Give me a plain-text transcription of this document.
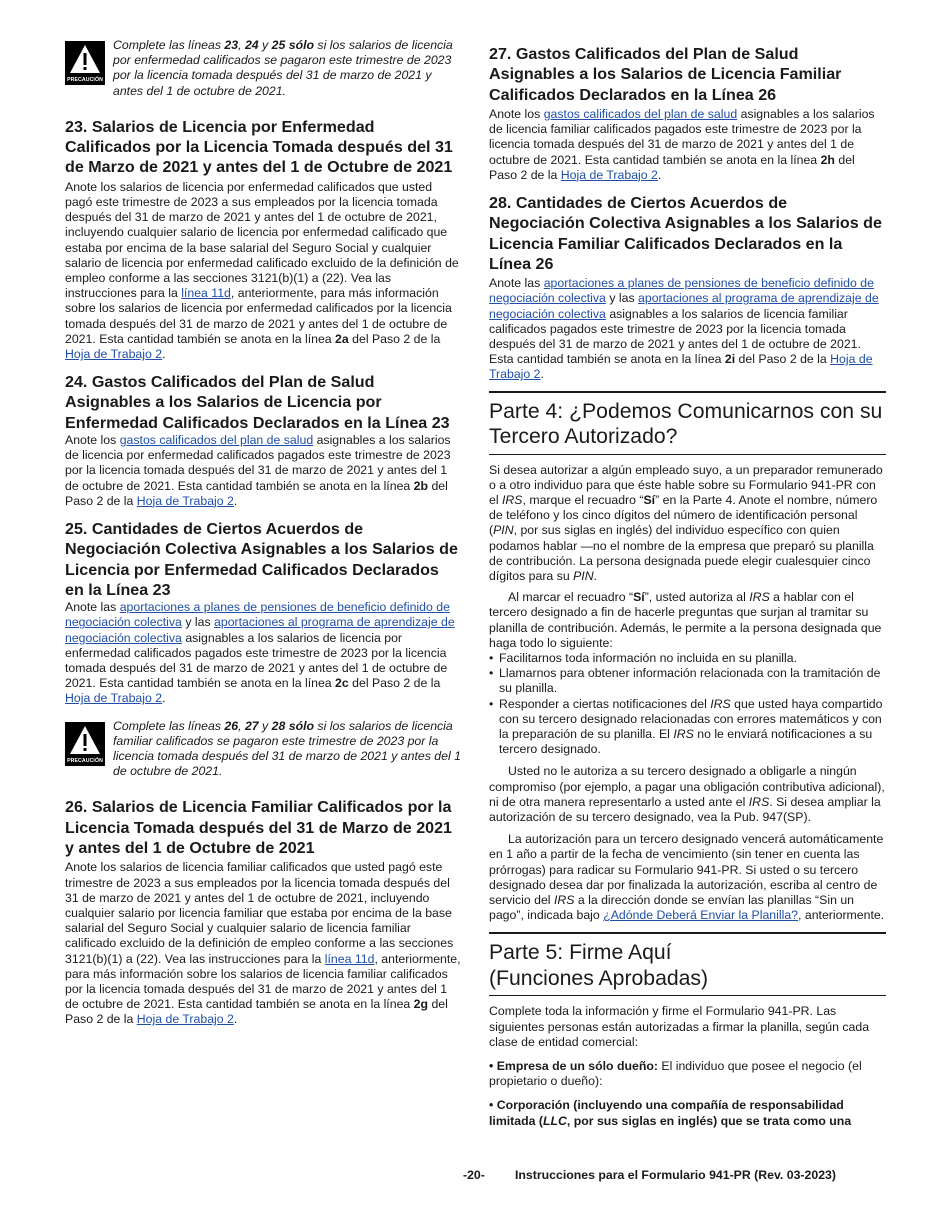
PRECAUCIÓN

Complete las líneas 23, 24 y 25 sólo si los salarios de licencia por enfermedad calificados se pagaron este trimestre de 2023 por la licencia tomada después del 31 de marzo de 2021 y antes del 1 de octubre de 2021.

23. Salarios de Licencia por Enfermedad Calificados por la Licencia Tomada después del 31 de Marzo de 2021 y antes del 1 de Octubre de 2021

Anote los salarios de licencia por enfermedad calificados que usted pagó este trimestre de 2023 a sus empleados por la licencia tomada después del 31 de marzo de 2021 y antes del 1 de octubre de 2021, incluyendo cualquier salario de licencia por enfermedad calificado que estaba por encima de la base salarial del Seguro Social y cualquier salario de licencia por enfermedad calificado excluido de la definición de empleo conforme a las secciones 3121(b)(1) a (22). Vea las instrucciones para la línea 11d, anteriormente, para más información sobre los salarios de licencia por enfermedad calificados por la licencia tomada después del 31 de marzo de 2021 y antes del 1 de octubre de 2021. Esta cantidad también se anota en la línea 2a del Paso 2 de la Hoja de Trabajo 2.

24. Gastos Calificados del Plan de Salud Asignables a los Salarios de Licencia por Enfermedad Calificados Declarados en la Línea 23

Anote los gastos calificados del plan de salud asignables a los salarios de licencia por enfermedad calificados pagados este trimestre de 2023 por la licencia tomada después del 31 de marzo de 2021 y antes del 1 de octubre de 2021. Esta cantidad también se anota en la línea 2b del Paso 2 de la Hoja de Trabajo 2.

25. Cantidades de Ciertos Acuerdos de Negociación Colectiva Asignables a los Salarios de Licencia por Enfermedad Calificados Declarados en la Línea 23

Anote las aportaciones a planes de pensiones de beneficio definido de negociación colectiva y las aportaciones al programa de aprendizaje de negociación colectiva asignables a los salarios de licencia por enfermedad calificados pagados este trimestre de 2023 por la licencia tomada después del 31 de marzo de 2021 y antes del 1 de octubre de 2021. Esta cantidad también se anota en la línea 2c del Paso 2 de la Hoja de Trabajo 2.

PRECAUCIÓN

Complete las líneas 26, 27 y 28 sólo si los salarios de licencia familiar calificados se pagaron este trimestre de 2023 por la licencia tomada después del 31 de marzo de 2021 y antes del 1 de octubre de 2021.

26. Salarios de Licencia Familiar Calificados por la Licencia Tomada después del 31 de Marzo de 2021 y antes del 1 de Octubre de 2021

Anote los salarios de licencia familiar calificados que usted pagó este trimestre de 2023 a sus empleados por la licencia tomada después del 31 de marzo de 2021 y antes del 1 de octubre de 2021, incluyendo cualquier salario por licencia familiar que estaba por encima de la base salarial del Seguro Social y cualquier salario de licencia familiar calificado excluido de la definición de empleo conforme a las secciones 3121(b)(1) a (22). Vea las instrucciones para la línea 11d, anteriormente, para más información sobre los salarios de licencia familiar calificados por la licencia tomada después del 31 de marzo de 2021 y antes del 1 de octubre de 2021. Esta cantidad también se anota en la línea 2g del Paso 2 de la Hoja de Trabajo 2.

27. Gastos Calificados del Plan de Salud Asignables a los Salarios de Licencia Familiar Calificados Declarados en la Línea 26

Anote los gastos calificados del plan de salud asignables a los salarios de licencia familiar calificados pagados este trimestre de 2023 por la licencia tomada después del 31 de marzo de 2021 y antes del 1 de octubre de 2021. Esta cantidad también se anota en la línea 2h del Paso 2 de la Hoja de Trabajo 2.

28. Cantidades de Ciertos Acuerdos de Negociación Colectiva Asignables a los Salarios de Licencia Familiar Calificados Declarados en la Línea 26

Anote las aportaciones a planes de pensiones de beneficio definido de negociación colectiva y las aportaciones al programa de aprendizaje de negociación colectiva asignables a los salarios de licencia familiar calificados pagados este trimestre de 2023 por la licencia tomada después del 31 de marzo de 2021 y antes del 1 de octubre de 2021. Esta cantidad también se anota en la línea 2i del Paso 2 de la Hoja de Trabajo 2.

Parte 4: ¿Podemos Comunicarnos con su Tercero Autorizado?

Si desea autorizar a algún empleado suyo, a un preparador remunerado o a otro individuo para que éste hable sobre su Formulario 941-PR con el IRS, marque el recuadro “Sí” en la Parte 4. Anote el nombre, número de teléfono y los cinco dígitos del número de identificación personal (PIN, por sus siglas en inglés) del individuo específico con quien podamos hablar —no el nombre de la empresa que preparó su planilla de contribución. La persona designada puede elegir cualesquier cinco dígitos para su PIN.

Al marcar el recuadro “Sí”, usted autoriza al IRS a hablar con el tercero designado a fin de hacerle preguntas que surjan al tramitar su planilla de contribución. Además, le permite a la persona designada que haga todo lo siguiente:

• Facilitarnos toda información no incluida en su planilla.
• Llamarnos para obtener información relacionada con la tramitación de su planilla.
• Responder a ciertas notificaciones del IRS que usted haya compartido con su tercero designado relacionadas con errores matemáticos y con la preparación de su planilla. El IRS no le enviará notificaciones a su tercero designado.

Usted no le autoriza a su tercero designado a obligarle a ningún compromiso (por ejemplo, a pagar una obligación contributiva adicional), ni de otra manera representarlo a usted ante el IRS. Si desea ampliar la autorización de su tercero designado, vea la Pub. 947(SP).

La autorización para un tercero designado vencerá automáticamente en 1 año a partir de la fecha de vencimiento (sin tener en cuenta las prórrogas) para radicar su Formulario 941-PR. Si usted o su tercero designado desea dar por finalizada la autorización, escriba al centro de servicio del IRS a la dirección donde se envían las planillas “Sin un pago”, indicada bajo ¿Adónde Deberá Enviar la Planilla?, anteriormente.

Parte 5: Firme Aquí
(Funciones Aprobadas)

Complete toda la información y firme el Formulario 941-PR. Las siguientes personas están autorizadas a firmar la planilla, según cada clase de entidad comercial:

• Empresa de un sólo dueño: El individuo que posee el negocio (el propietario o dueño):

• Corporación (incluyendo una compañía de responsabilidad limitada (LLC, por sus siglas en inglés) que se trata como una

-20- Instrucciones para el Formulario 941-PR (Rev. 03-2023)
